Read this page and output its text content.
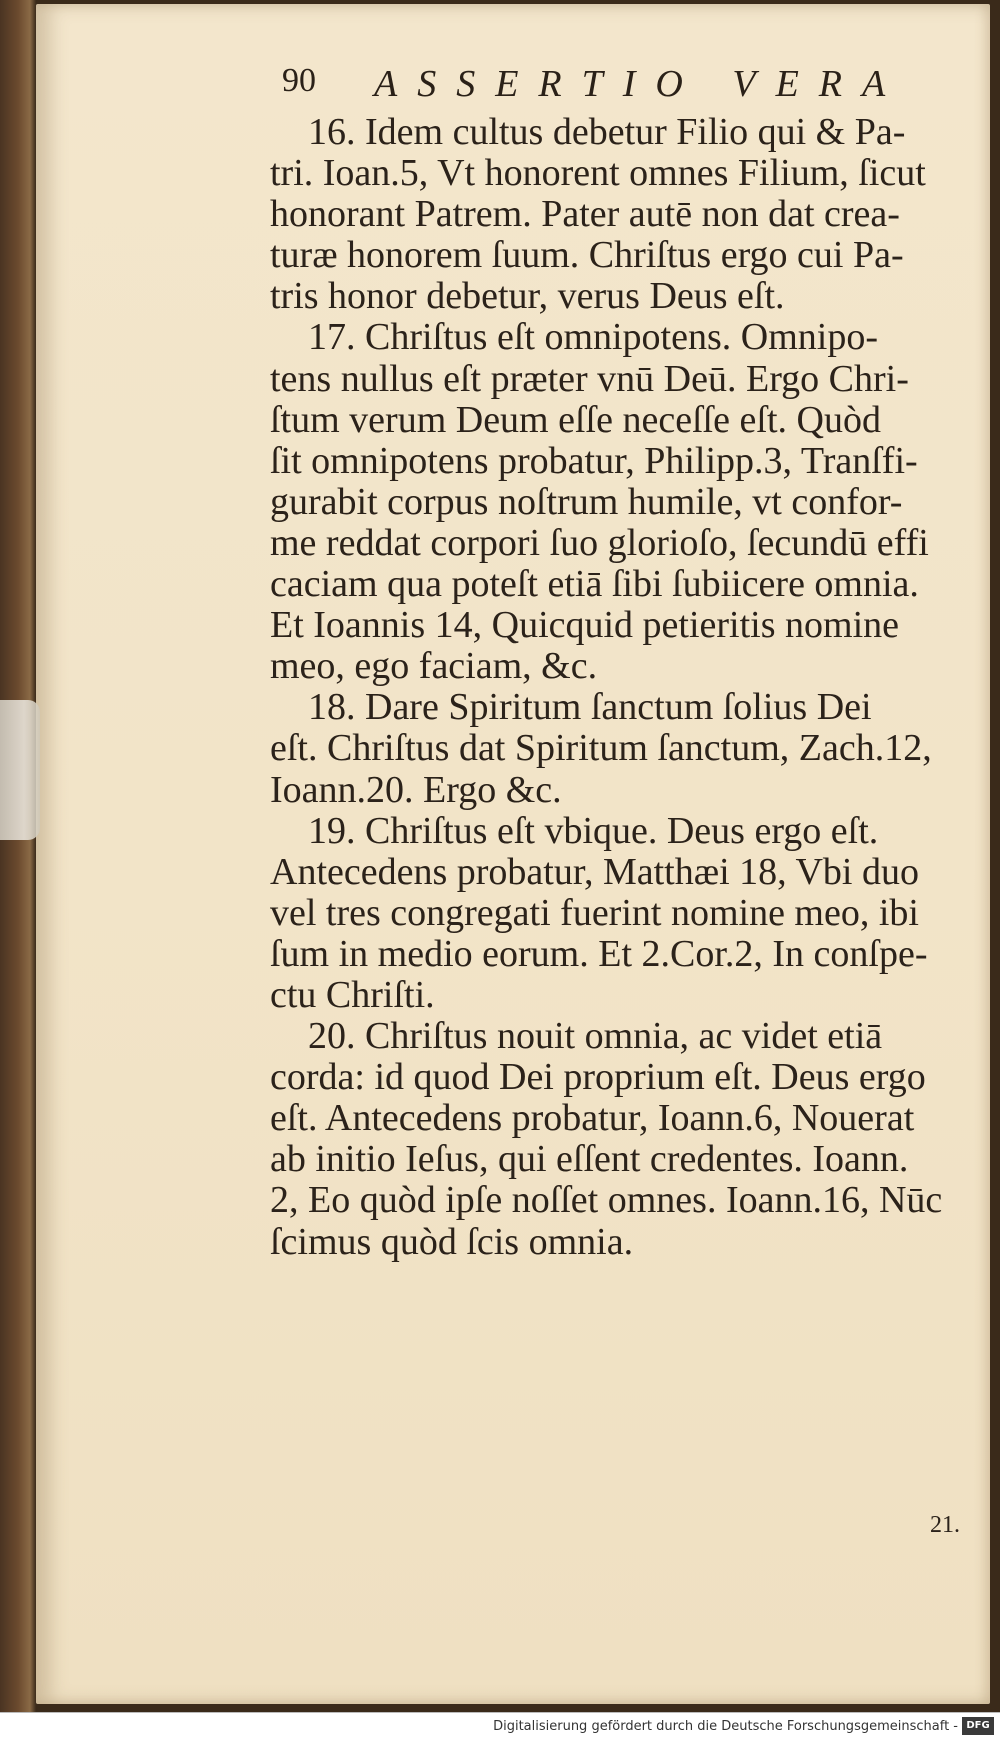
90 ASSERTIO VERA
16. Idem cultus debetur Filio qui & Pa-
tri. Ioan.5, Vt honorent omnes Filium, ſicut
honorant Patrem. Pater autē non dat crea-
turæ honorem ſuum. Chriſtus ergo cui Pa-
tris honor debetur, verus Deus eſt.
17. Chriſtus eſt omnipotens. Omnipo-
tens nullus eſt præter vnū Deū. Ergo Chri-
ſtum verum Deum eſſe neceſſe eſt. Quòd
ſit omnipotens probatur, Philipp.3, Tranſfi-
gurabit corpus noſtrum humile, vt confor-
me reddat corpori ſuo glorioſo, ſecundū effi
caciam qua poteſt etiā ſibi ſubiicere omnia.
Et Ioannis 14, Quicquid petieritis nomine
meo, ego faciam, &c.
18. Dare Spiritum ſanctum ſolius Dei
eſt. Chriſtus dat Spiritum ſanctum, Zach.12,
Ioann.20. Ergo &c.
19. Chriſtus eſt vbique. Deus ergo eſt.
Antecedens probatur, Matthæi 18, Vbi duo
vel tres congregati fuerint nomine meo, ibi
ſum in medio eorum. Et 2.Cor.2, In conſpe-
ctu Chriſti.
20. Chriſtus nouit omnia, ac videt etiā
corda: id quod Dei proprium eſt. Deus ergo
eſt. Antecedens probatur, Ioann.6, Nouerat
ab initio Ieſus, qui eſſent credentes. Ioann.
2, Eo quòd ipſe noſſet omnes. Ioann.16, Nūc
ſcimus quòd ſcis omnia.
21.
Digitalisierung gefördert durch die Deutsche Forschungsgemeinschaft - DFG
